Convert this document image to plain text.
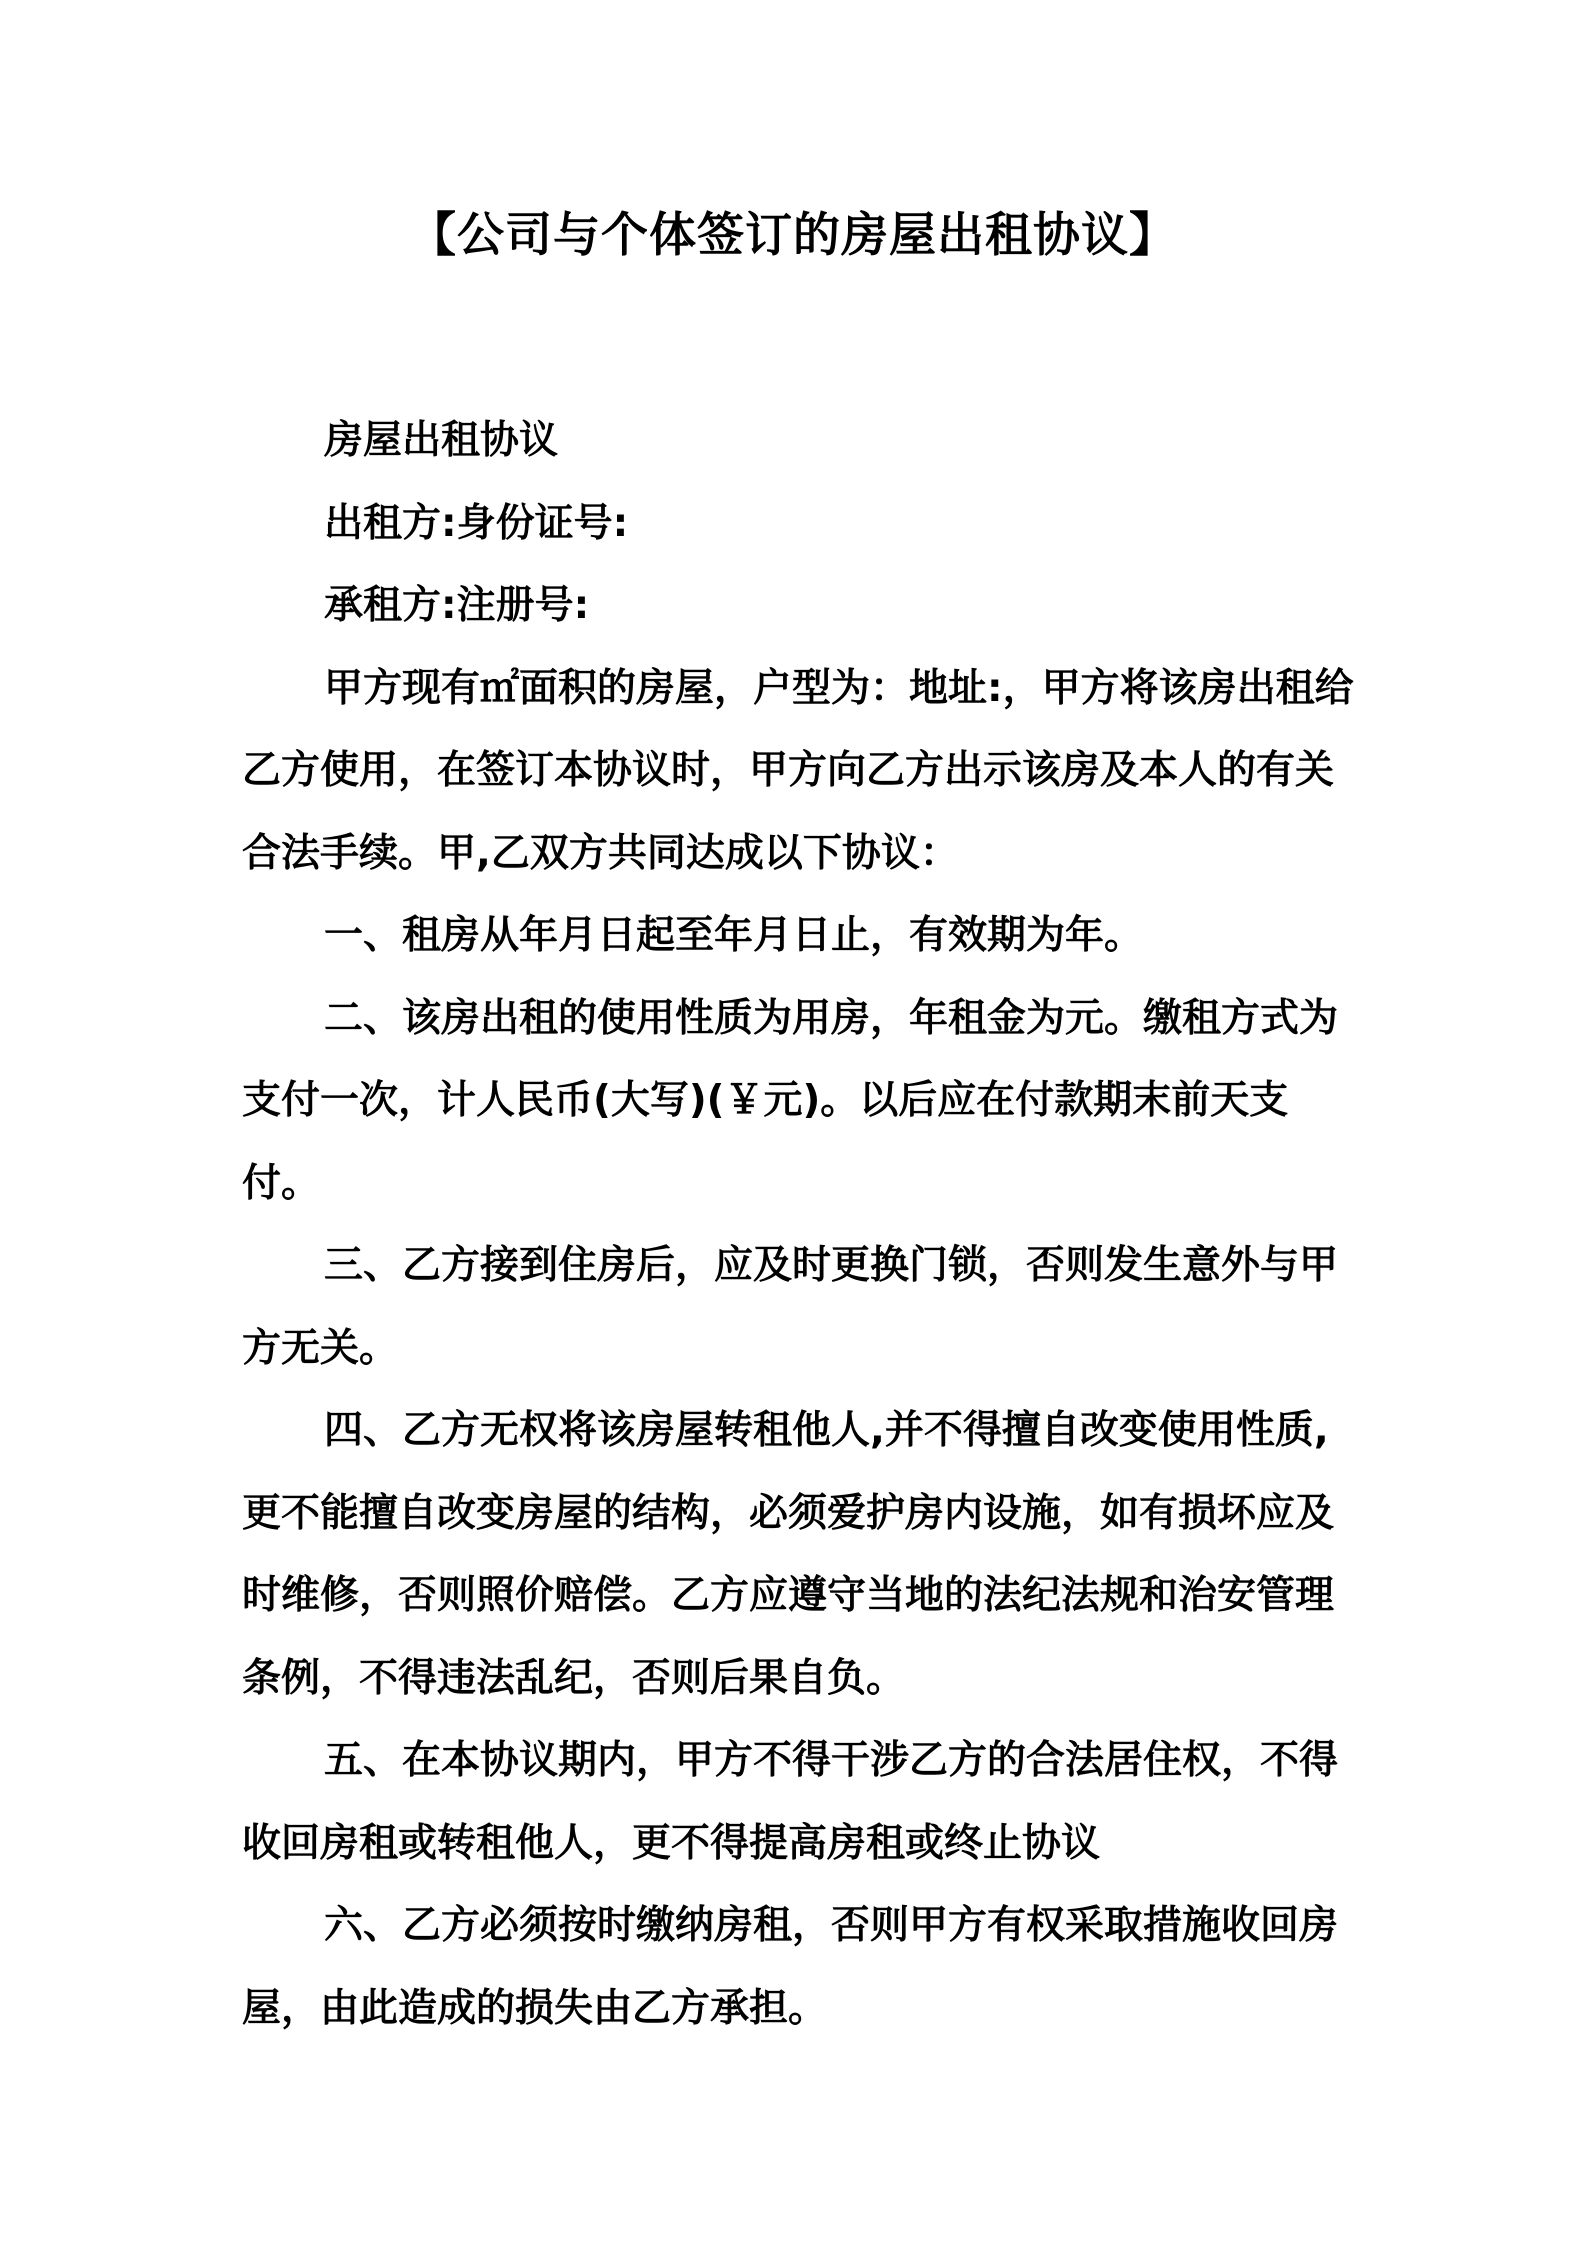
【公司与个体签订的房屋出租协议】

房屋出租协议

出租方:身份证号:

承租方:注册号:

甲方现有㎡面积的房屋，户型为：地址:，甲方将该房出租给乙方使用，在签订本协议时，甲方向乙方出示该房及本人的有关合法手续。甲,乙双方共同达成以下协议：

一、租房从年月日起至年月日止，有效期为年。

二、该房出租的使用性质为用房，年租金为元。缴租方式为支付一次，计人民币(大写)(￥元)。以后应在付款期末前天支付。

三、乙方接到住房后，应及时更换门锁，否则发生意外与甲方无关。

四、乙方无权将该房屋转租他人,并不得擅自改变使用性质,更不能擅自改变房屋的结构，必须爱护房内设施，如有损坏应及时维修，否则照价赔偿。乙方应遵守当地的法纪法规和治安管理条例，不得违法乱纪，否则后果自负。

五、在本协议期内，甲方不得干涉乙方的合法居住权，不得收回房租或转租他人，更不得提高房租或终止协议

六、乙方必须按时缴纳房租，否则甲方有权采取措施收回房屋，由此造成的损失由乙方承担。
